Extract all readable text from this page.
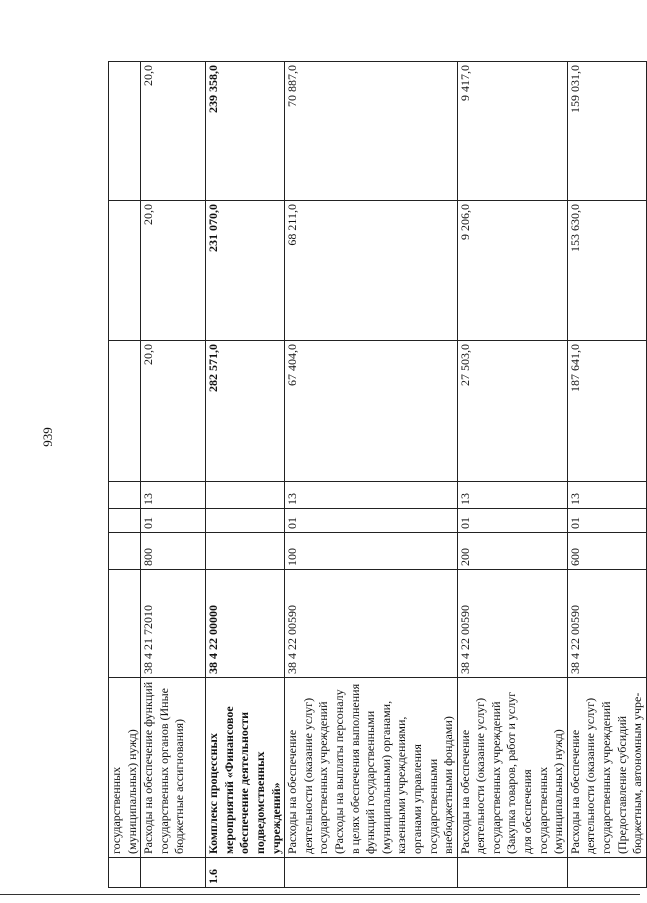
939
	государственных (муниципальных) нужд)							
	Расходы на обеспечение функций государственных органов (Иные бюджетные ассигнования)	38 4 21 72010	800	01	13	20,0	20,0	20,0
1.6	Комплекс процессных мероприятий «Финансовое обеспечение деятельности подведомственных учреждений»	38 4 22 00000				282 571,0	231 070,0	239 358,0
	Расходы на обеспечение деятельности (оказание услуг) государственных учреждений (Расходы на выплаты персоналу в целях обеспечения выполнения функций государственными (муниципальными) органами, казенными учреждениями, органами управления государственными внебюджетными фондами)	38 4 22 00590	100	01	13	67 404,0	68 211,0	70 887,0
	Расходы на обеспечение деятельности (оказание услуг) государственных учреждений (Закупка товаров, работ и услуг для обеспечения государственных (муниципальных) нужд)	38 4 22 00590	200	01	13	27 503,0	9 206,0	9 417,0
	Расходы на обеспечение деятельности (оказание услуг) государственных учреждений (Предоставление субсидий бюджетным, автономным учре-	38 4 22 00590	600	01	13	187 641,0	153 630,0	159 031,0
